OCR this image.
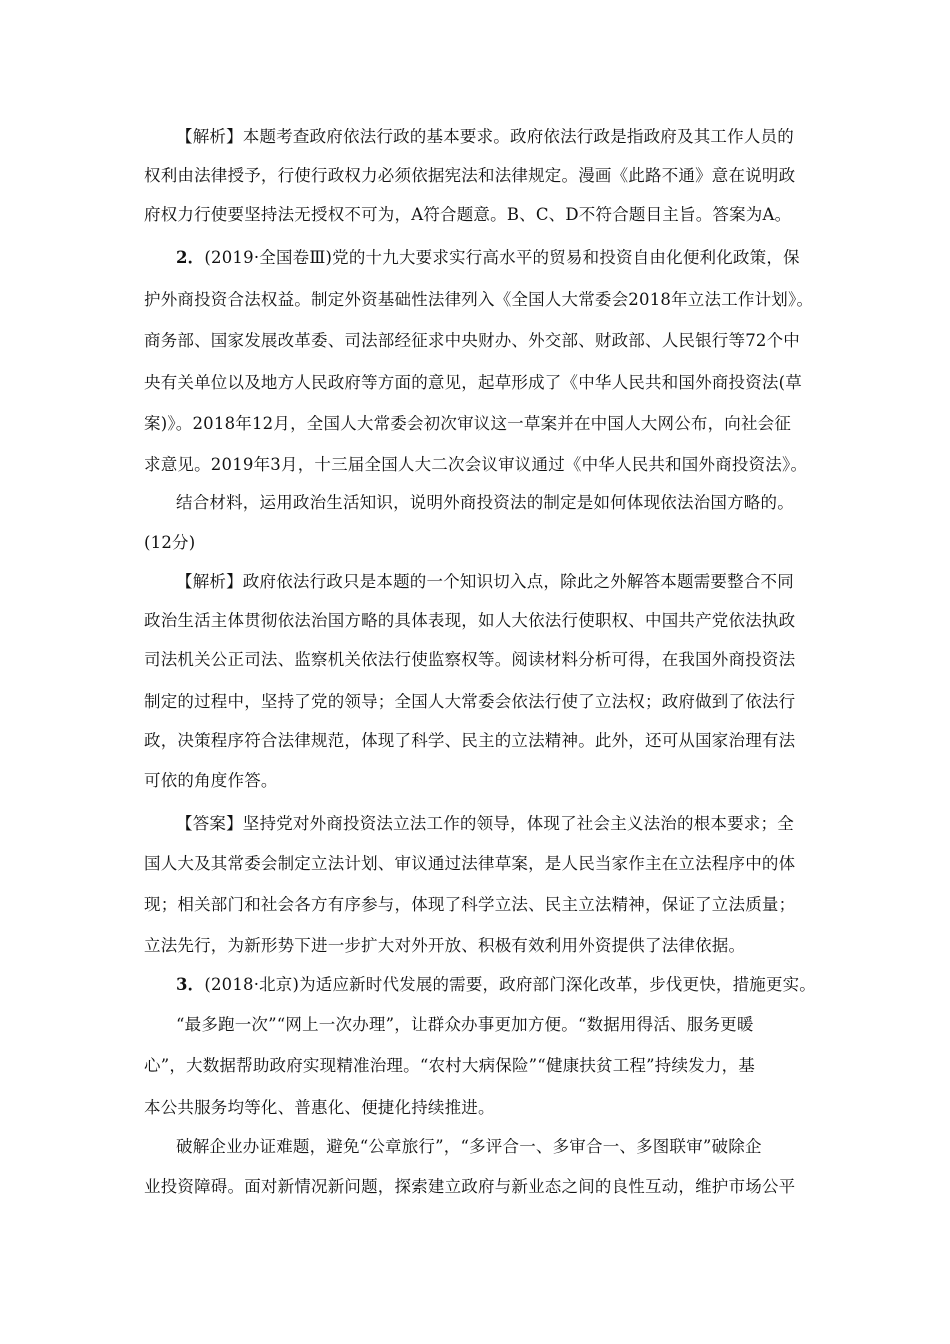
【解析】本题考查政府依法行政的基本要求。政府依法行政是指政府及其工作人员的
权利由法律授予，行使行政权力必须依据宪法和法律规定。漫画《此路不通》意在说明政
府权力行使要坚持法无授权不可为，A符合题意。B、C、D不符合题目主旨。答案为A。
2．(2019·全国卷Ⅲ)党的十九大要求实行高水平的贸易和投资自由化便利化政策，保
护外商投资合法权益。制定外资基础性法律列入《全国人大常委会2018年立法工作计划》。
商务部、国家发展改革委、司法部经征求中央财办、外交部、财政部、人民银行等72个中
央有关单位以及地方人民政府等方面的意见，起草形成了《中华人民共和国外商投资法(草
案)》。2018年12月，全国人大常委会初次审议这一草案并在中国人大网公布，向社会征
求意见。2019年3月，十三届全国人大二次会议审议通过《中华人民共和国外商投资法》。
结合材料，运用政治生活知识，说明外商投资法的制定是如何体现依法治国方略的。
(12分)
【解析】政府依法行政只是本题的一个知识切入点，除此之外解答本题需要整合不同
政治生活主体贯彻依法治国方略的具体表现，如人大依法行使职权、中国共产党依法执政
司法机关公正司法、监察机关依法行使监察权等。阅读材料分析可得，在我国外商投资法
制定的过程中，坚持了党的领导；全国人大常委会依法行使了立法权；政府做到了依法行
政，决策程序符合法律规范，体现了科学、民主的立法精神。此外，还可从国家治理有法
可依的角度作答。
【答案】坚持党对外商投资法立法工作的领导，体现了社会主义法治的根本要求；全
国人大及其常委会制定立法计划、审议通过法律草案，是人民当家作主在立法程序中的体
现；相关部门和社会各方有序参与，体现了科学立法、民主立法精神，保证了立法质量；
立法先行，为新形势下进一步扩大对外开放、积极有效利用外资提供了法律依据。
3．(2018·北京)为适应新时代发展的需要，政府部门深化改革，步伐更快，措施更实。
“最多跑一次”“网上一次办理”，让群众办事更加方便。“数据用得活、服务更暖
心”，大数据帮助政府实现精准治理。“农村大病保险”“健康扶贫工程”持续发力，基
本公共服务均等化、普惠化、便捷化持续推进。
破解企业办证难题，避免“公章旅行”，“多评合一、多审合一、多图联审”破除企
业投资障碍。面对新情况新问题，探索建立政府与新业态之间的良性互动，维护市场公平
